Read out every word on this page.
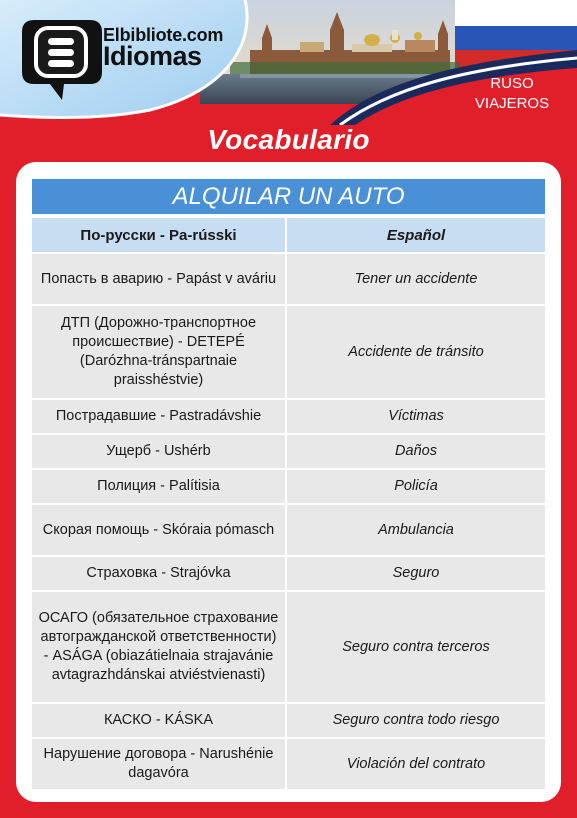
Elbibliote.com
Idiomas
RUSO
VIAJEROS
Vocabulario
ALQUILAR UN AUTO
По-русски - Pa-rússki	Español
Попасть в аварию - Papást v aváriu	Tener un accidente
ДТП (Дорожно-транспортное происшествие) - DETEPÉ (Darózhna-tránspartnaie praisshéstvie)	Accidente de tránsito
Пострадавшие - Pastradávshie	Víctimas
Ущерб - Ushérb	Daños
Полиция - Palítisia	Policía
Скорая помощь - Skóraia pómasch	Ambulancia
Страховка - Strajóvka	Seguro
ОСАГО (обязательное страхование автогражданской ответственности) - ASÁGA (obiazátielnaia strajavánie avtagrazhdánskai atviéstvienasti)	Seguro contra terceros
КАСКО - KÁSKA	Seguro contra todo riesgo
Нарушение договора - Narushénie dagavóra	Violación del contrato
